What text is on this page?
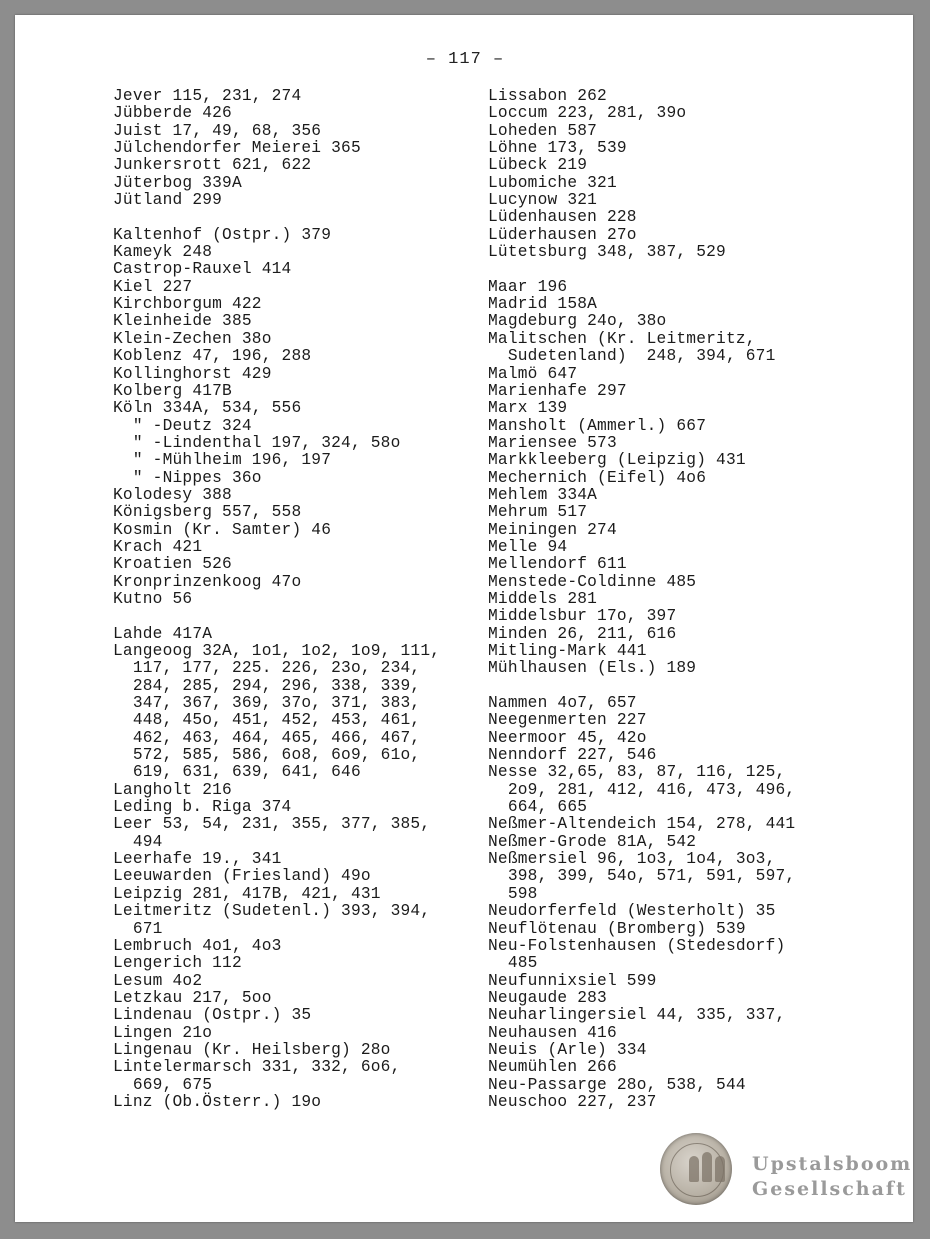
– 117 –
Jever 115, 231, 274
Jübberde 426
Juist 17, 49, 68, 356
Jülchendorfer Meierei 365
Junkersrott 621, 622
Jüterbog 339A
Jütland 299
Kaltenhof (Ostpr.) 379
Kameyk 248
Castrop-Rauxel 414
Kiel 227
Kirchborgum 422
Kleinheide 385
Klein-Zechen 38o
Koblenz 47, 196, 288
Kollinghorst 429
Kolberg 417B
Köln 334A, 534, 556
" -Deutz 324
" -Lindenthal 197, 324, 58o
" -Mühlheim 196, 197
" -Nippes 36o
Kolodesy 388
Königsberg 557, 558
Kosmin (Kr. Samter) 46
Krach 421
Kroatien 526
Kronprinzenkoog 47o
Kutno 56
Lahde 417A
Langeoog 32A, 1o1, 1o2, 1o9, 111,
117, 177, 225. 226, 23o, 234,
284, 285, 294, 296, 338, 339,
347, 367, 369, 37o, 371, 383,
448, 45o, 451, 452, 453, 461,
462, 463, 464, 465, 466, 467,
572, 585, 586, 6o8, 6o9, 61o,
619, 631, 639, 641, 646
Langholt 216
Leding b. Riga 374
Leer 53, 54, 231, 355, 377, 385,
494
Leerhafe 19., 341
Leeuwarden (Friesland) 49o
Leipzig 281, 417B, 421, 431
Leitmeritz (Sudetenl.) 393, 394,
671
Lembruch 4o1, 4o3
Lengerich 112
Lesum 4o2
Letzkau 217, 5oo
Lindenau (Ostpr.) 35
Lingen 21o
Lingenau (Kr. Heilsberg) 28o
Lintelermarsch 331, 332, 6o6,
669, 675
Linz (Ob.Österr.) 19o
Lissabon 262
Loccum 223, 281, 39o
Loheden 587
Löhne 173, 539
Lübeck 219
Lubomiche 321
Lucynow 321
Lüdenhausen 228
Lüderhausen 27o
Lütetsburg 348, 387, 529
Maar 196
Madrid 158A
Magdeburg 24o, 38o
Malitschen (Kr. Leitmeritz,
Sudetenland)  248, 394, 671
Malmö 647
Marienhafe 297
Marx 139
Mansholt (Ammerl.) 667
Mariensee 573
Markkleeberg (Leipzig) 431
Mechernich (Eifel) 4o6
Mehlem 334A
Mehrum 517
Meiningen 274
Melle 94
Mellendorf 611
Menstede-Coldinne 485
Middels 281
Middelsbur 17o, 397
Minden 26, 211, 616
Mitling-Mark 441
Mühlhausen (Els.) 189
Nammen 4o7, 657
Neegenmerten 227
Neermoor 45, 42o
Nenndorf 227, 546
Nesse 32,65, 83, 87, 116, 125,
2o9, 281, 412, 416, 473, 496,
664, 665
Neßmer-Altendeich 154, 278, 441
Neßmer-Grode 81A, 542
Neßmersiel 96, 1o3, 1o4, 3o3,
398, 399, 54o, 571, 591, 597,
598
Neudorferfeld (Westerholt) 35
Neuflötenau (Bromberg) 539
Neu-Folstenhausen (Stedesdorf)
485
Neufunnixsiel 599
Neugaude 283
Neuharlingersiel 44, 335, 337,
Neuhausen 416
Neuis (Arle) 334
Neumühlen 266
Neu-Passarge 28o, 538, 544
Neuschoo 227, 237
Upstalsboom
Gesellschaft
